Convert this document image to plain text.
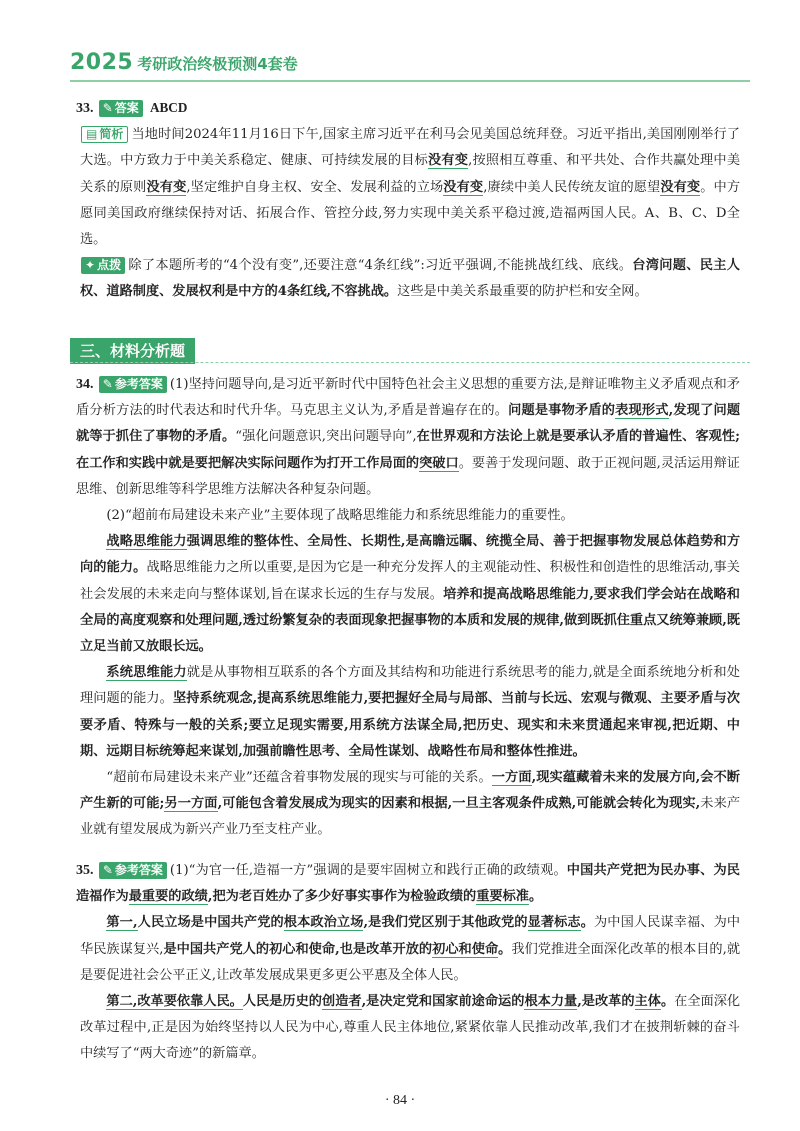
2025 考研政治终极预测4套卷

33. ✎ 答案 ABCD

▤ 简析 当地时间2024年11月16日下午,国家主席习近平在利马会见美国总统拜登。习近平指出,美国刚刚举行了大选。中方致力于中美关系稳定、健康、可持续发展的目标没有变,按照相互尊重、和平共处、合作共赢处理中美关系的原则没有变,坚定维护自身主权、安全、发展利益的立场没有变,赓续中美人民传统友谊的愿望没有变。中方愿同美国政府继续保持对话、拓展合作、管控分歧,努力实现中美关系平稳过渡,造福两国人民。A、B、C、D全选。

✦ 点拨 除了本题所考的“4个没有变”,还要注意“4条红线”:习近平强调,不能挑战红线、底线。台湾问题、民主人权、道路制度、发展权利是中方的4条红线,不容挑战。这些是中美关系最重要的防护栏和安全网。

三、材料分析题

34. ✎ 参考答案 (1)坚持问题导向,是习近平新时代中国特色社会主义思想的重要方法,是辩证唯物主义矛盾观点和矛盾分析方法的时代表达和时代升华。马克思主义认为,矛盾是普遍存在的。问题是事物矛盾的表现形式,发现了问题就等于抓住了事物的矛盾。“强化问题意识,突出问题导向”,在世界观和方法论上就是要承认矛盾的普遍性、客观性;在工作和实践中就是要把解决实际问题作为打开工作局面的突破口。要善于发现问题、敢于正视问题,灵活运用辩证思维、创新思维等科学思维方法解决各种复杂问题。

(2)“超前布局建设未来产业”主要体现了战略思维能力和系统思维能力的重要性。

战略思维能力强调思维的整体性、全局性、长期性,是高瞻远瞩、统揽全局、善于把握事物发展总体趋势和方向的能力。战略思维能力之所以重要,是因为它是一种充分发挥人的主观能动性、积极性和创造性的思维活动,事关社会发展的未来走向与整体谋划,旨在谋求长远的生存与发展。培养和提高战略思维能力,要求我们学会站在战略和全局的高度观察和处理问题,透过纷繁复杂的表面现象把握事物的本质和发展的规律,做到既抓住重点又统筹兼顾,既立足当前又放眼长远。

系统思维能力就是从事物相互联系的各个方面及其结构和功能进行系统思考的能力,就是全面系统地分析和处理问题的能力。坚持系统观念,提高系统思维能力,要把握好全局与局部、当前与长远、宏观与微观、主要矛盾与次要矛盾、特殊与一般的关系;要立足现实需要,用系统方法谋全局,把历史、现实和未来贯通起来审视,把近期、中期、远期目标统筹起来谋划,加强前瞻性思考、全局性谋划、战略性布局和整体性推进。

“超前布局建设未来产业”还蕴含着事物发展的现实与可能的关系。一方面,现实蕴藏着未来的发展方向,会不断产生新的可能;另一方面,可能包含着发展成为现实的因素和根据,一旦主客观条件成熟,可能就会转化为现实,未来产业就有望发展成为新兴产业乃至支柱产业。

35. ✎ 参考答案 (1)“为官一任,造福一方”强调的是要牢固树立和践行正确的政绩观。中国共产党把为民办事、为民造福作为最重要的政绩,把为老百姓办了多少好事实事作为检验政绩的重要标准。

第一,人民立场是中国共产党的根本政治立场,是我们党区别于其他政党的显著标志。为中国人民谋幸福、为中华民族谋复兴,是中国共产党人的初心和使命,也是改革开放的初心和使命。我们党推进全面深化改革的根本目的,就是要促进社会公平正义,让改革发展成果更多更公平惠及全体人民。

第二,改革要依靠人民。人民是历史的创造者,是决定党和国家前途命运的根本力量,是改革的主体。在全面深化改革过程中,正是因为始终坚持以人民为中心,尊重人民主体地位,紧紧依靠人民推动改革,我们才在披荆斩棘的奋斗中续写了“两大奇迹”的新篇章。

· 84 ·
